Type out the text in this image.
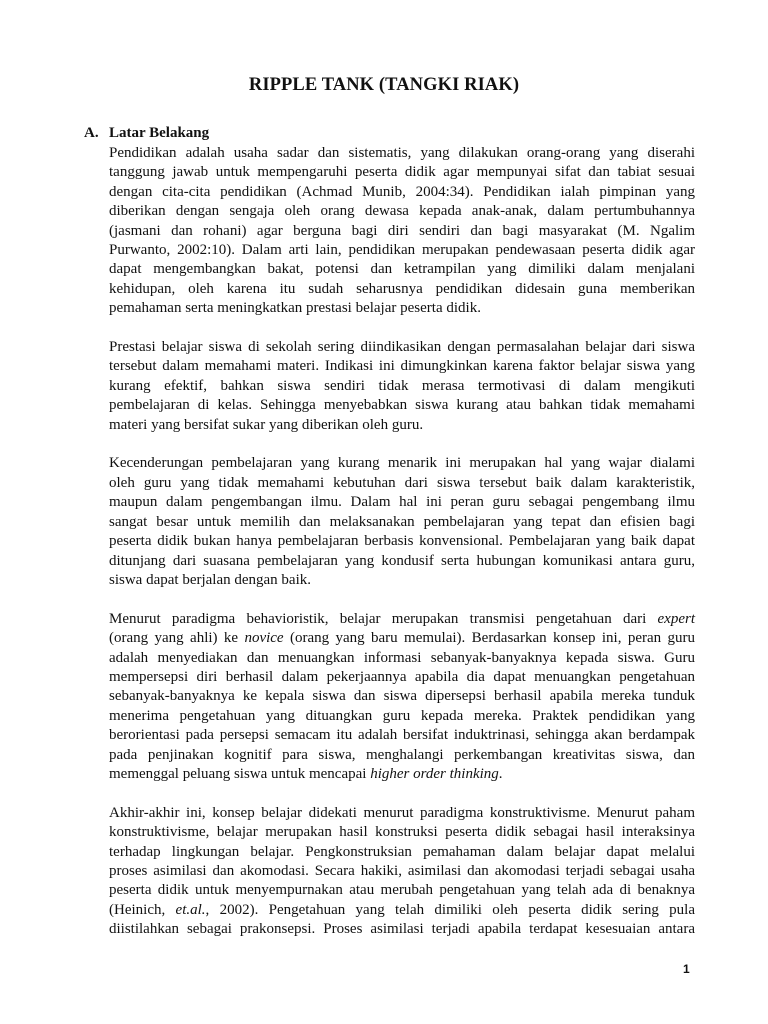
RIPPLE TANK (TANGKI RIAK)
A. Latar Belakang
Pendidikan adalah usaha sadar dan sistematis, yang dilakukan orang-orang yang diserahi
tanggung jawab untuk mempengaruhi peserta didik agar mempunyai sifat dan tabiat sesuai
dengan cita-cita pendidikan (Achmad Munib, 2004:34). Pendidikan ialah pimpinan yang
diberikan dengan sengaja oleh orang dewasa kepada anak-anak, dalam pertumbuhannya
(jasmani dan rohani) agar berguna bagi diri sendiri dan bagi masyarakat (M. Ngalim
Purwanto, 2002:10). Dalam arti lain, pendidikan merupakan pendewasaan peserta didik agar
dapat mengembangkan bakat, potensi dan ketrampilan yang dimiliki dalam menjalani
kehidupan, oleh karena itu sudah seharusnya pendidikan didesain guna memberikan
pemahaman serta meningkatkan prestasi belajar peserta didik.
Prestasi belajar siswa di sekolah sering diindikasikan dengan permasalahan belajar dari siswa
tersebut dalam memahami materi. Indikasi ini dimungkinkan karena faktor belajar siswa yang
kurang efektif, bahkan siswa sendiri tidak merasa termotivasi di dalam mengikuti
pembelajaran di kelas. Sehingga menyebabkan siswa kurang atau bahkan tidak memahami
materi yang bersifat sukar yang diberikan oleh guru.
Kecenderungan pembelajaran yang kurang menarik ini merupakan hal yang wajar dialami
oleh guru yang tidak memahami kebutuhan dari siswa tersebut baik dalam karakteristik,
maupun dalam pengembangan ilmu. Dalam hal ini peran guru sebagai pengembang ilmu
sangat besar untuk memilih dan melaksanakan pembelajaran yang tepat dan efisien bagi
peserta didik bukan hanya pembelajaran berbasis konvensional. Pembelajaran yang baik dapat
ditunjang dari suasana pembelajaran yang kondusif serta hubungan komunikasi antara guru,
siswa dapat berjalan dengan baik.
Menurut paradigma behavioristik, belajar merupakan transmisi pengetahuan dari expert
(orang yang ahli) ke novice (orang yang baru memulai). Berdasarkan konsep ini, peran guru
adalah menyediakan dan menuangkan informasi sebanyak-banyaknya kepada siswa. Guru
mempersepsi diri berhasil dalam pekerjaannya apabila dia dapat menuangkan pengetahuan
sebanyak-banyaknya ke kepala siswa dan siswa dipersepsi berhasil apabila mereka tunduk
menerima pengetahuan yang dituangkan guru kepada mereka. Praktek pendidikan yang
berorientasi pada persepsi semacam itu adalah bersifat induktrinasi, sehingga akan berdampak
pada penjinakan kognitif para siswa, menghalangi perkembangan kreativitas siswa, dan
memenggal peluang siswa untuk mencapai higher order thinking.
Akhir-akhir ini, konsep belajar didekati menurut paradigma konstruktivisme. Menurut paham
konstruktivisme, belajar merupakan hasil konstruksi peserta didik sebagai hasil interaksinya
terhadap lingkungan belajar. Pengkonstruksian pemahaman dalam belajar dapat melalui
proses asimilasi dan akomodasi. Secara hakiki, asimilasi dan akomodasi terjadi sebagai usaha
peserta didik untuk menyempurnakan atau merubah pengetahuan yang telah ada di benaknya
(Heinich, et.al., 2002). Pengetahuan yang telah dimiliki oleh peserta didik sering pula
diistilahkan sebagai prakonsepsi. Proses asimilasi terjadi apabila terdapat kesesuaian antara
1
